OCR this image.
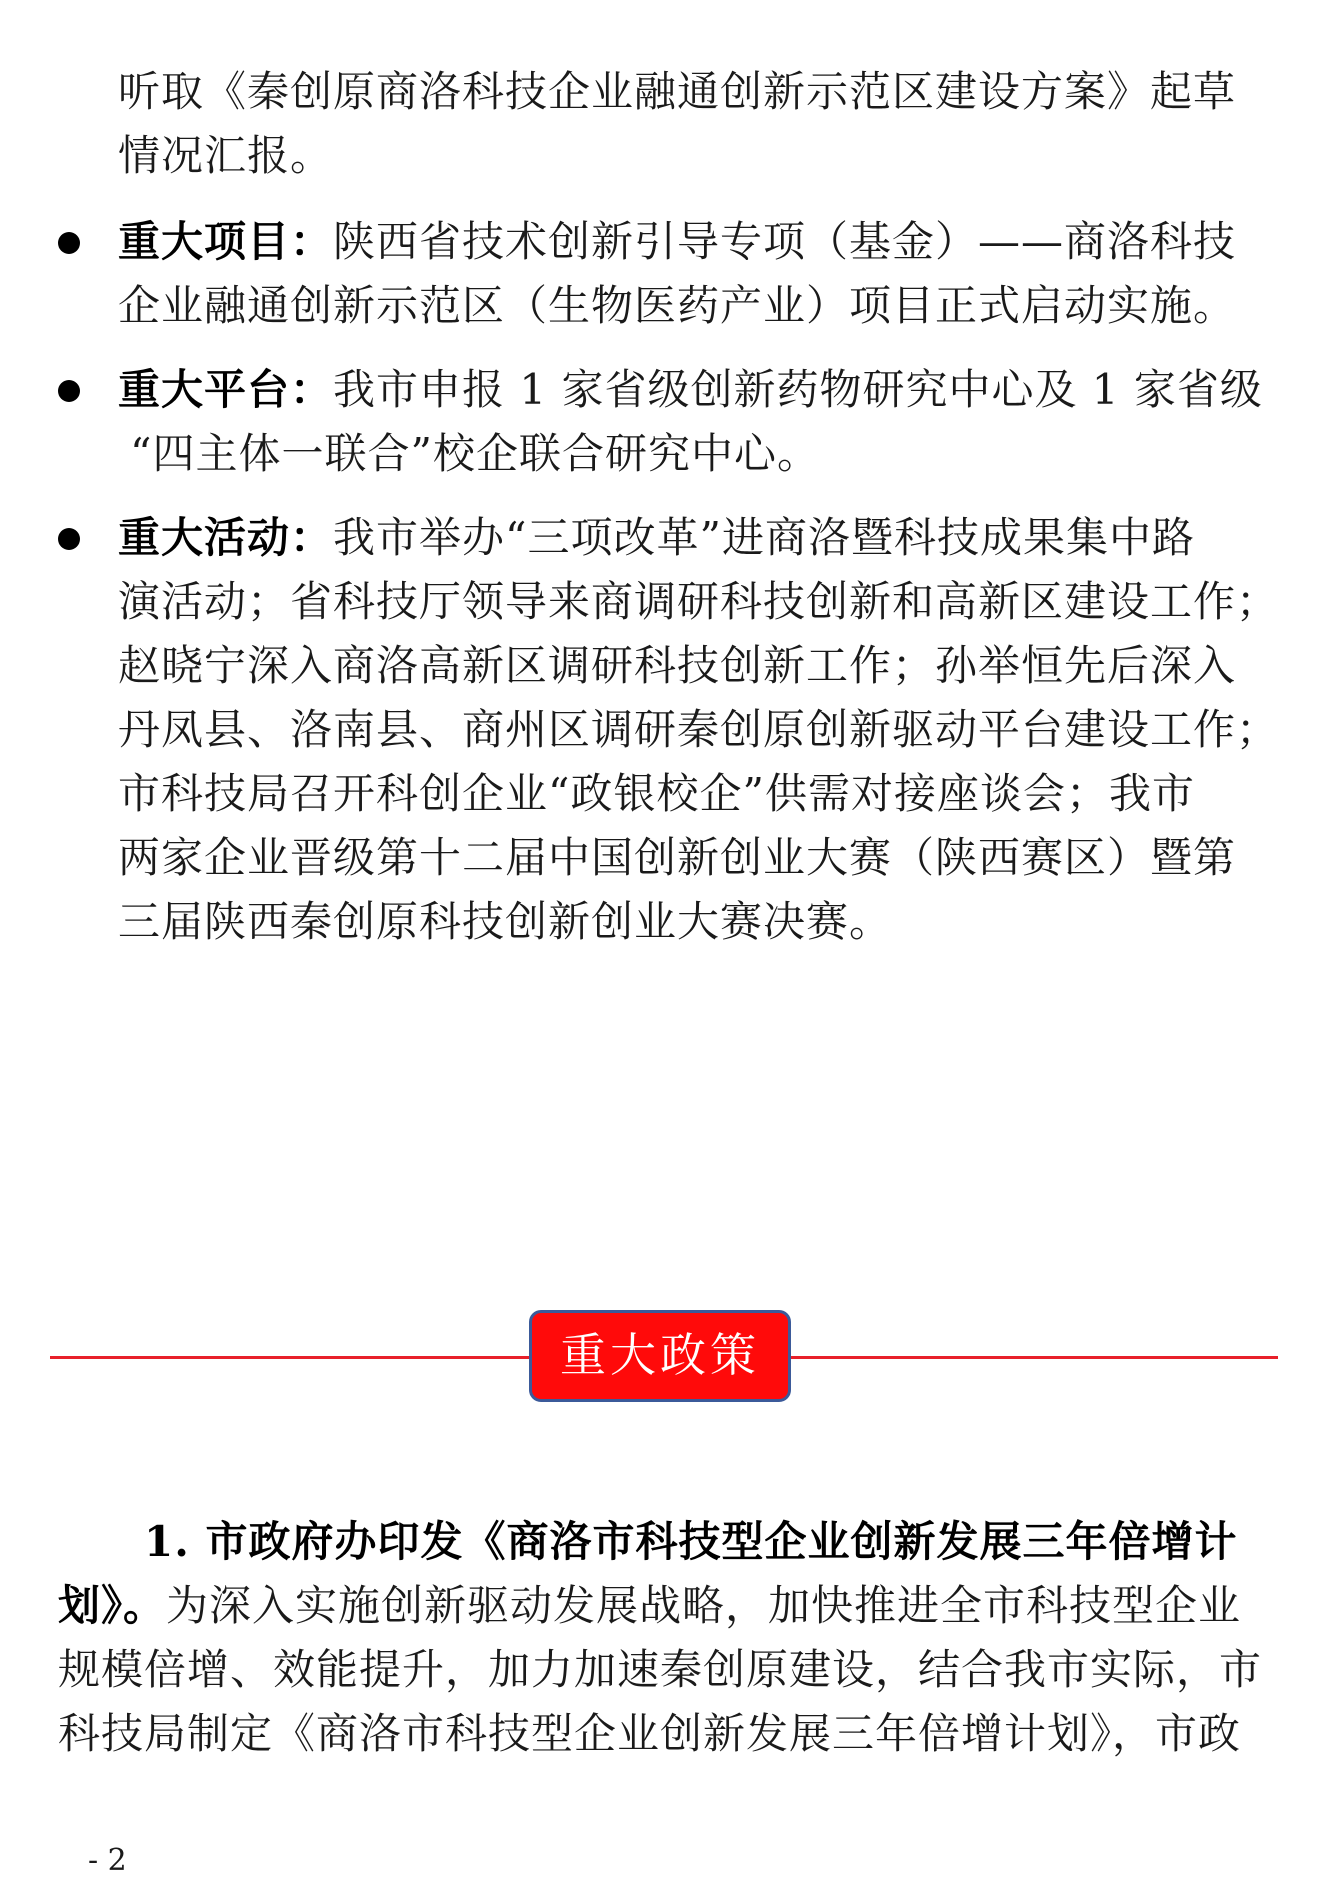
听取《秦创原商洛科技企业融通创新示范区建设方案》起草
情况汇报。
重大项目：陕西省技术创新引导专项（基金）——商洛科技
企业融通创新示范区（生物医药产业）项目正式启动实施。
重大平台：我市申报 1 家省级创新药物研究中心及 1 家省级
“四主体一联合”校企联合研究中心。
重大活动：我市举办“三项改革”进商洛暨科技成果集中路
演活动；省科技厅领导来商调研科技创新和高新区建设工作；
赵晓宁深入商洛高新区调研科技创新工作；孙举恒先后深入
丹凤县、洛南县、商州区调研秦创原创新驱动平台建设工作；
市科技局召开科创企业“政银校企”供需对接座谈会；我市
两家企业晋级第十二届中国创新创业大赛（陕西赛区）暨第
三届陕西秦创原科技创新创业大赛决赛。
重大政策
1. 市政府办印发《商洛市科技型企业创新发展三年倍增计
划》。为深入实施创新驱动发展战略，加快推进全市科技型企业
规模倍增、效能提升，加力加速秦创原建设，结合我市实际，市
科技局制定《商洛市科技型企业创新发展三年倍增计划》，市政
- 2
